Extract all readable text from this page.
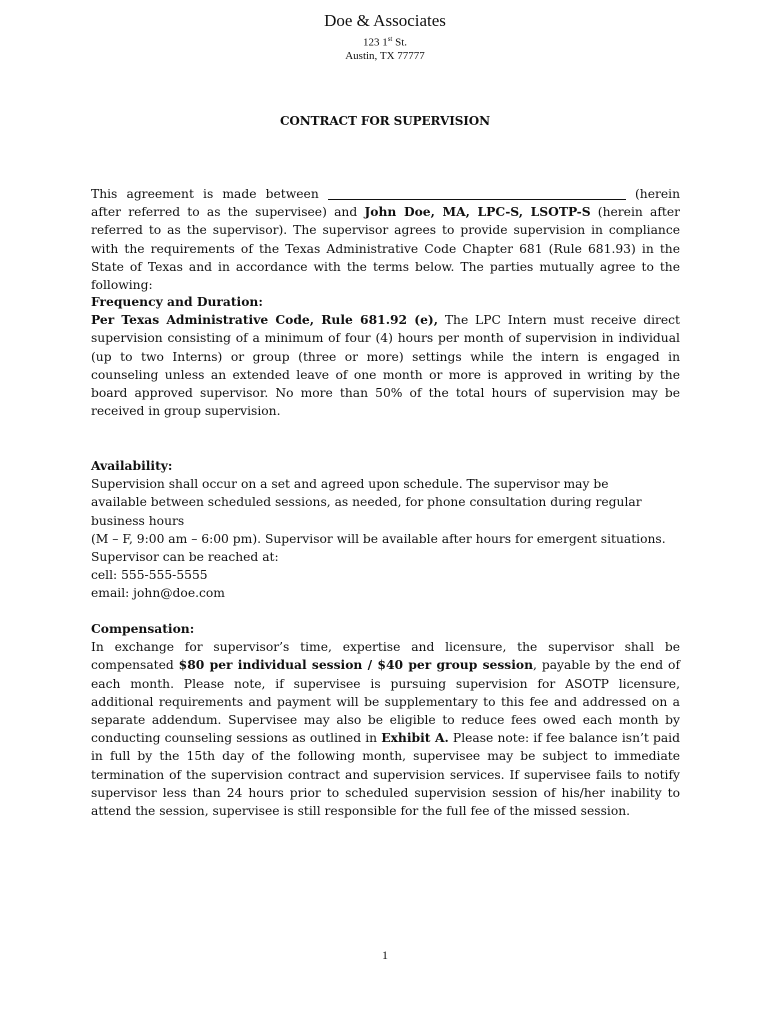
Doe & Associates
123 1st St.
Austin, TX 77777
CONTRACT FOR SUPERVISION
This agreement is made between	(herein after referred to as the supervisee) and John Doe, MA, LPC-S, LSOTP-S (herein after referred to as the supervisor). The supervisor agrees to provide supervision in compliance with the requirements of the Texas Administrative Code Chapter 681 (Rule 681.93) in the State of Texas and in accordance with the terms below. The parties mutually agree to the following:
Frequency and Duration:
Per Texas Administrative Code, Rule 681.92 (e), The LPC Intern must receive direct supervision consisting of a minimum of four (4) hours per month of supervision in individual (up to two Interns) or group (three or more) settings while the intern is engaged in counseling unless an extended leave of one month or more is approved in writing by the board approved supervisor. No more than 50% of the total hours of supervision may be received in group supervision.
Availability:
Supervision shall occur on a set and agreed upon schedule. The supervisor may be
available between scheduled sessions, as needed, for phone consultation during regular
business hours
(M – F, 9:00 am – 6:00 pm). Supervisor will be available after hours for emergent situations.
Supervisor can be reached at:
cell: 555-555-5555
email: john@doe.com
Compensation:
In exchange for supervisor’s time, expertise and licensure, the supervisor shall be compensated $80 per individual session / $40 per group session, payable by the end of each month. Please note, if supervisee is pursuing supervision for ASOTP licensure, additional requirements and payment will be supplementary to this fee and addressed on a separate addendum. Supervisee may also be eligible to reduce fees owed each month by conducting counseling sessions as outlined in Exhibit A. Please note: if fee balance isn’t paid in full by the 15th day of the following month, supervisee may be subject to immediate termination of the supervision contract and supervision services. If supervisee fails to notify supervisor less than 24 hours prior to scheduled supervision session of his/her inability to attend the session, supervisee is still responsible for the full fee of the missed session.
1
